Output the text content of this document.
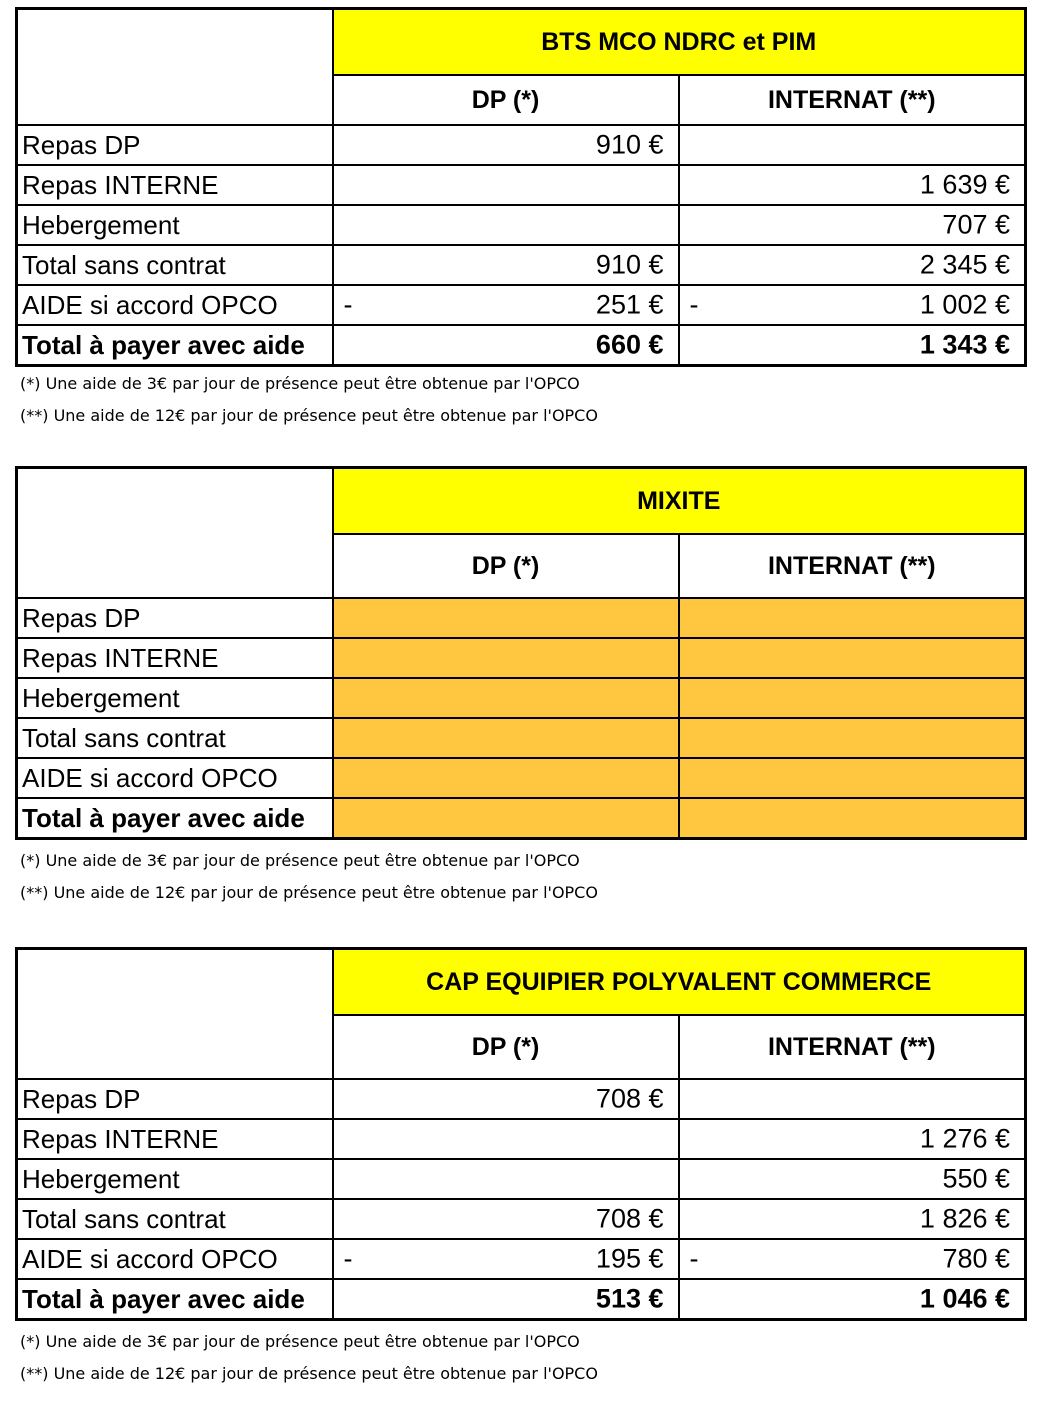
	BTS MCO NDRC et PIM	
	DP (*)	INTERNAT (**)
Repas DP	910 €	

Repas INTERNE		1 639 €

Hebergement		707 €

Total sans contrat	910 €	2 345 €

AIDE si accord OPCO	- 251 €	- 1 002 €

Total à payer avec aide	660 €	1 343 €
(*) Une aide de 3€ par jour de présence peut être obtenue par l'OPCO
(**) Une aide de 12€ par jour de présence peut être obtenue par l'OPCO
	MIXITE	
	DP (*)	INTERNAT (**)
Repas DP		
Repas INTERNE		
Hebergement		
Total sans contrat		
AIDE si accord OPCO		
Total à payer avec aide		
(*) Une aide de 3€ par jour de présence peut être obtenue par l'OPCO
(**) Une aide de 12€ par jour de présence peut être obtenue par l'OPCO
	CAP EQUIPIER POLYVALENT COMMERCE	
	DP (*)	INTERNAT (**)
Repas DP	708 €	

Repas INTERNE		1 276 €

Hebergement		550 €

Total sans contrat	708 €	1 826 €

AIDE si accord OPCO	- 195 €	- 780 €

Total à payer avec aide	513 €	1 046 €
(*) Une aide de 3€ par jour de présence peut être obtenue par l'OPCO
(**) Une aide de 12€ par jour de présence peut être obtenue par l'OPCO
